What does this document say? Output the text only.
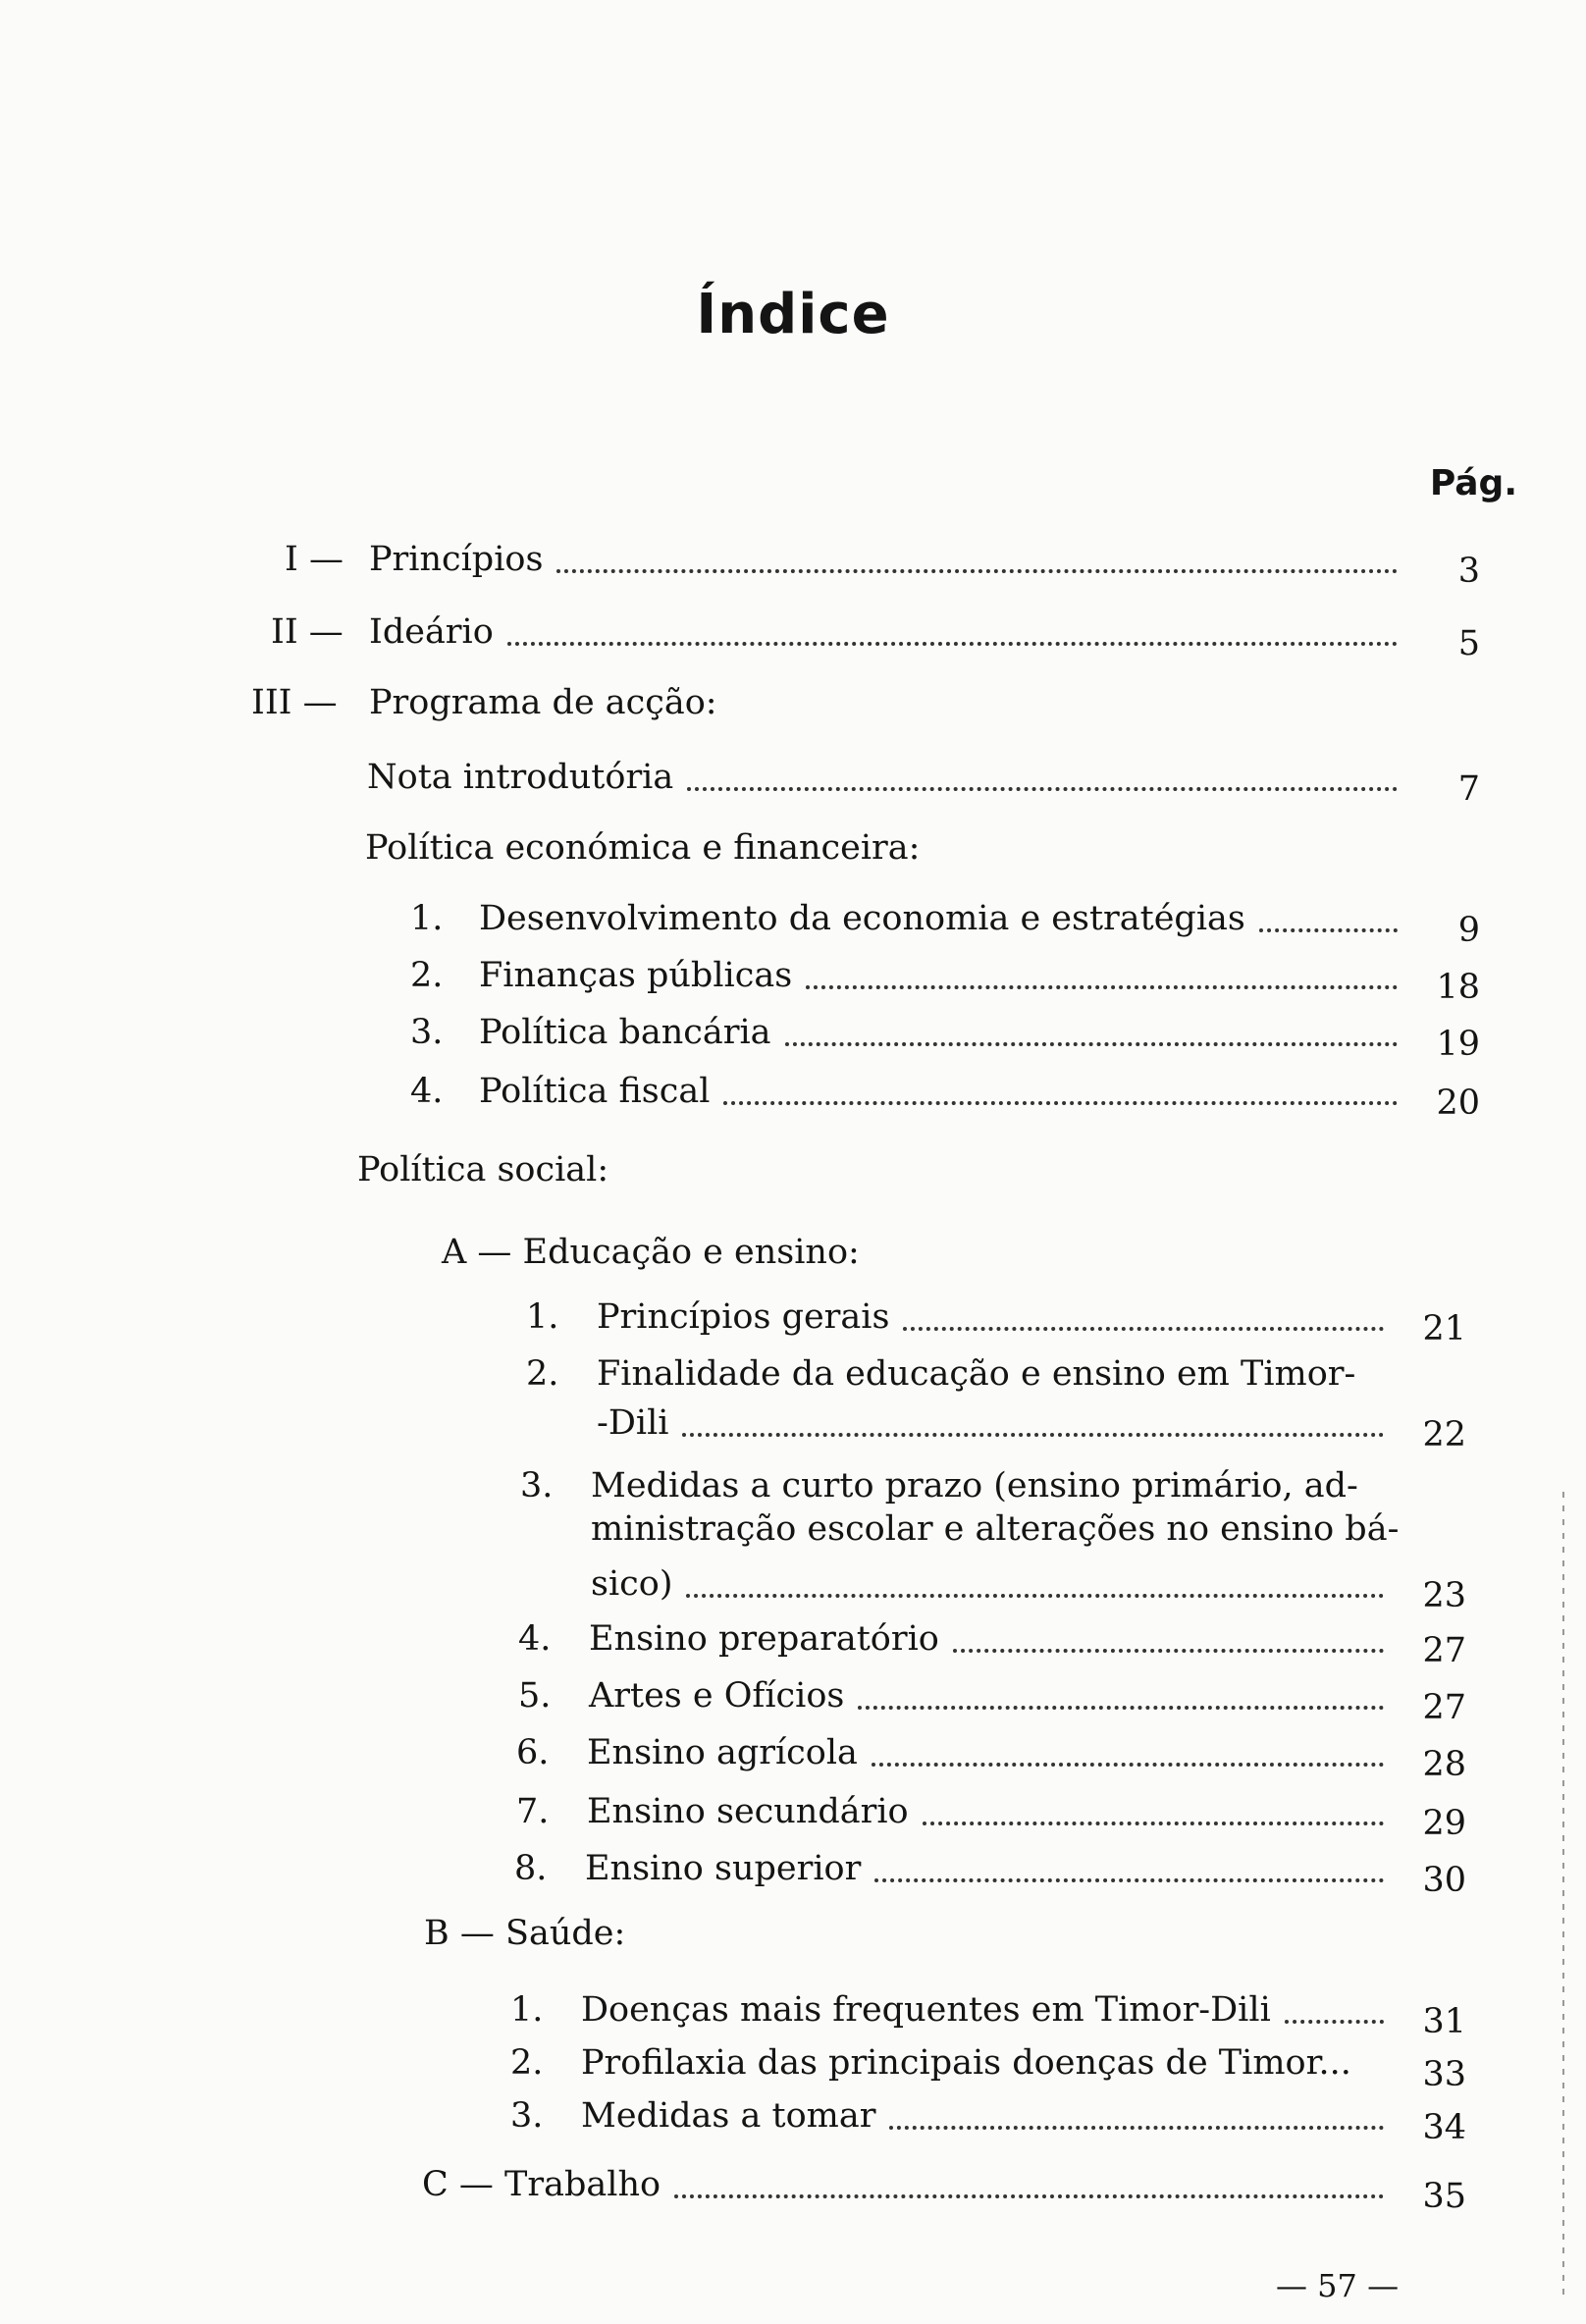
Índice
Pág.
I — Princípios	3
II — Ideário	5
III — Programa de acção:
Nota introdutória	7
Política económica e financeira:
1.	Desenvolvimento da economia e estratégias	9
2.	Finanças públicas	18
3.	Política bancária	19
4.	Política fiscal	20
Política social:
A — Educação e ensino:
1.	Princípios gerais	21
2.	Finalidade da educação e ensino em Timor-
-Dili	22
3.	Medidas a curto prazo (ensino primário, ad-
ministração escolar e alterações no ensino bá-
sico)	23
4.	Ensino preparatório	27
5.	Artes e Ofícios	27
6.	Ensino agrícola	28
7.	Ensino secundário	29
8.	Ensino superior	30
B — Saúde:
1.	Doenças mais frequentes em Timor-Dili	31
2.	Profilaxia das principais doenças de Timor...	33
3.	Medidas a tomar	34
C — Trabalho	35
— 57 —
